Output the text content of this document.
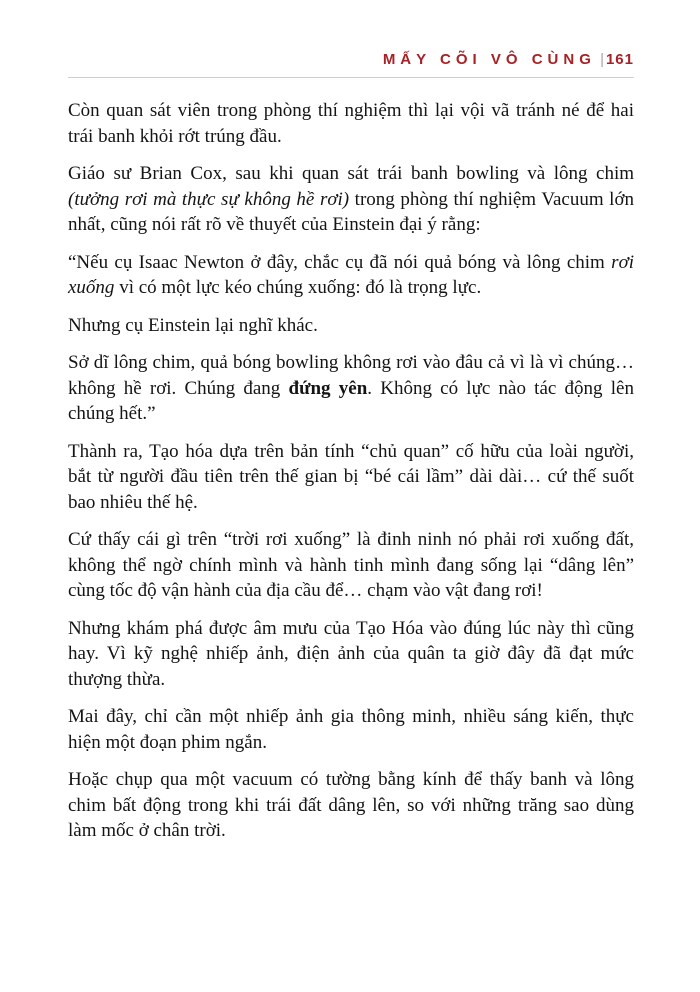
MẤY CÕI VÔ CÙNG | 161

Còn quan sát viên trong phòng thí nghiệm thì lại vội vã tránh né để hai trái banh khỏi rớt trúng đầu.

Giáo sư Brian Cox, sau khi quan sát trái banh bowling và lông chim (tưởng rơi mà thực sự không hề rơi) trong phòng thí nghiệm Vacuum lớn nhất, cũng nói rất rõ về thuyết của Einstein đại ý rằng:

“Nếu cụ Isaac Newton ở đây, chắc cụ đã nói quả bóng và lông chim rơi xuống vì có một lực kéo chúng xuống: đó là trọng lực.

Nhưng cụ Einstein lại nghĩ khác.

Sở dĩ lông chim, quả bóng bowling không rơi vào đâu cả vì là vì chúng… không hề rơi. Chúng đang đứng yên. Không có lực nào tác động lên chúng hết.”

Thành ra, Tạo hóa dựa trên bản tính “chủ quan” cố hữu của loài người, bắt từ người đầu tiên trên thế gian bị “bé cái lầm” dài dài… cứ thế suốt bao nhiêu thế hệ.

Cứ thấy cái gì trên “trời rơi xuống” là đinh ninh nó phải rơi xuống đất, không thể ngờ chính mình và hành tinh mình đang sống lại “dâng lên” cùng tốc độ vận hành của địa cầu để… chạm vào vật đang rơi!

Nhưng khám phá được âm mưu của Tạo Hóa vào đúng lúc này thì cũng hay. Vì kỹ nghệ nhiếp ảnh, điện ảnh của quân ta giờ đây đã đạt mức thượng thừa.

Mai đây, chỉ cần một nhiếp ảnh gia thông minh, nhiều sáng kiến, thực hiện một đoạn phim ngắn.

Hoặc chụp qua một vacuum có tường bằng kính để thấy banh và lông chim bất động trong khi trái đất dâng lên, so với những trăng sao dùng làm mốc ở chân trời.
